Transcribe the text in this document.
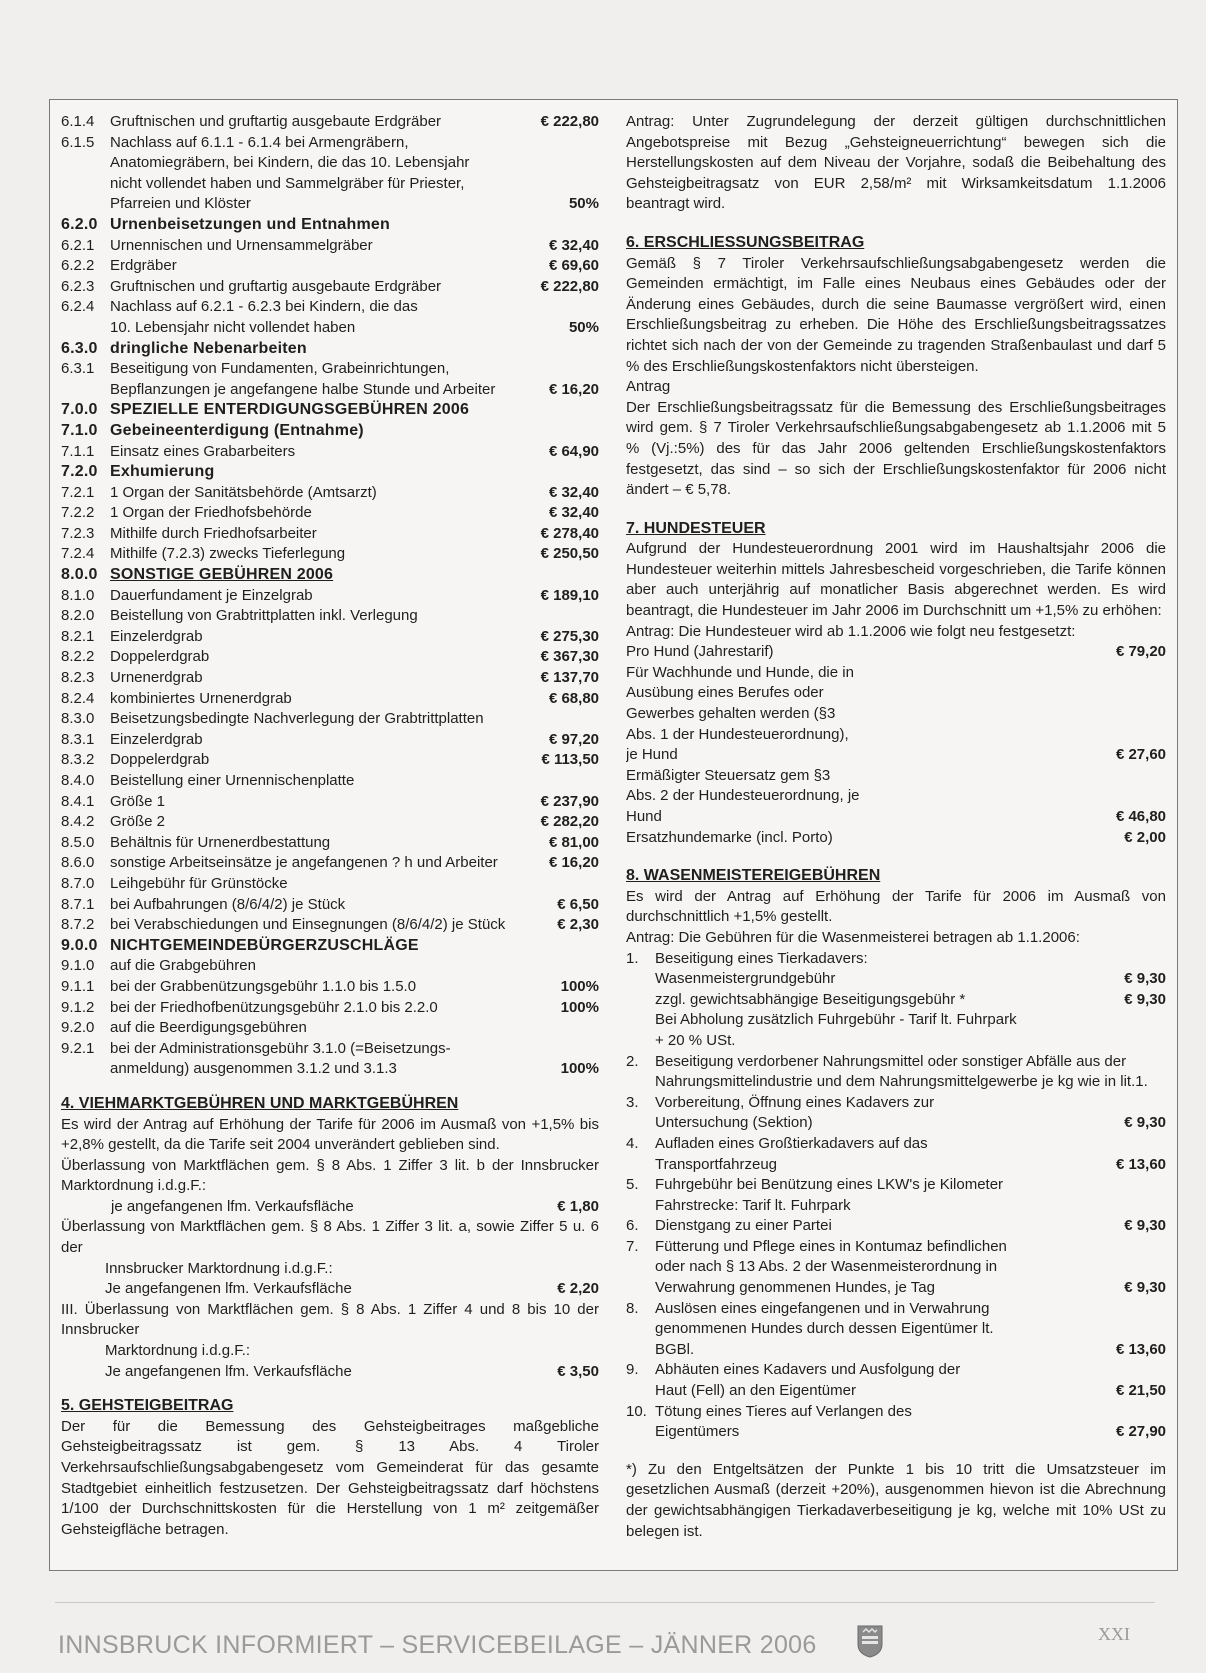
6.1.4	Gruftnischen und gruftartig ausgebaute Erdgräber	€ 222,80
6.1.5	Nachlass auf 6.1.1 - 6.1.4 bei Armengräbern, Anatomiegräbern, bei Kindern, die das 10. Lebensjahr nicht vollendet haben und Sammelgräber für Priester, Pfarreien und Klöster	50%
6.2.0 Urnenbeisetzungen und Entnahmen
6.2.1	Urnennischen und Urnensammelgräber	€ 32,40
6.2.2	Erdgräber	€ 69,60
6.2.3	Gruftnischen und gruftartig ausgebaute Erdgräber	€ 222,80
6.2.4	Nachlass auf 6.2.1 - 6.2.3 bei Kindern, die das 10. Lebensjahr nicht vollendet haben	50%
6.3.0 dringliche Nebenarbeiten
6.3.1	Beseitigung von Fundamenten, Grabeinrichtungen, Bepflanzungen je angefangene halbe Stunde und Arbeiter	€ 16,20
7.0.0 SPEZIELLE ENTERDIGUNGSGEBÜHREN 2006
7.1.0 Gebeineenterdigung (Entnahme)
7.1.1	Einsatz eines Grabarbeiters	€ 64,90
7.2.0 Exhumierung
7.2.1	1 Organ der Sanitätsbehörde (Amtsarzt)	€ 32,40
7.2.2	1 Organ der Friedhofsbehörde	€ 32,40
7.2.3	Mithilfe durch Friedhofsarbeiter	€ 278,40
7.2.4	Mithilfe (7.2.3) zwecks Tieferlegung	€ 250,50
8.0.0 SONSTIGE GEBÜHREN 2006
8.1.0	Dauerfundament je Einzelgrab	€ 189,10
8.2.0	Beistellung von Grabtrittplatten inkl. Verlegung
8.2.1	Einzelerdgrab	€ 275,30
8.2.2	Doppelerdgrab	€ 367,30
8.2.3	Urnenerdgrab	€ 137,70
8.2.4	kombiniertes Urnenerdgrab	€ 68,80
8.3.0	Beisetzungsbedingte Nachverlegung der Grabtrittplatten
8.3.1	Einzelerdgrab	€ 97,20
8.3.2	Doppelerdgrab	€ 113,50
8.4.0	Beistellung einer Urnennischenplatte
8.4.1	Größe 1	€ 237,90
8.4.2	Größe 2	€ 282,20
8.5.0	Behältnis für Urnenerdbestattung	€ 81,00
8.6.0	sonstige Arbeitseinsätze je angefangenen ? h und Arbeiter	€ 16,20
8.7.0	Leihgebühr für Grünstöcke
8.7.1	bei Aufbahrungen (8/6/4/2) je Stück	€ 6,50
8.7.2	bei Verabschiedungen und Einsegnungen (8/6/4/2) je Stück	€ 2,30
9.0.0 NICHTGEMEINDEBÜRGERZUSCHLÄGE
9.1.0	auf die Grabgebühren
9.1.1	bei der Grabbenützungsgebühr 1.1.0 bis 1.5.0	100%
9.1.2	bei der Friedhofbenützungsgebühr 2.1.0 bis 2.2.0	100%
9.2.0	auf die Beerdigungsgebühren
9.2.1	bei der Administrationsgebühr 3.1.0 (=Beisetzungs-anmeldung) ausgenommen 3.1.2 und 3.1.3	100%
4. VIEHMARKTGEBÜHREN UND MARKTGEBÜHREN
Es wird der Antrag auf Erhöhung der Tarife für 2006 im Ausmaß von +1,5% bis +2,8% gestellt, da die Tarife seit 2004 unverändert geblieben sind.
Überlassung von Marktflächen gem. § 8 Abs. 1 Ziffer 3 lit. b der Innsbrucker Marktordnung i.d.g.F.:
je angefangenen lfm. Verkaufsfläche	€ 1,80
Überlassung von Marktflächen gem. § 8 Abs. 1 Ziffer 3 lit. a, sowie Ziffer 5 u. 6 der
Innsbrucker Marktordnung i.d.g.F.:
Je angefangenen lfm. Verkaufsfläche	€ 2,20
III. Überlassung von Marktflächen gem. § 8 Abs. 1 Ziffer 4 und 8 bis 10 der Innsbrucker
Marktordnung i.d.g.F.:
Je angefangenen lfm. Verkaufsfläche	€ 3,50
5. GEHSTEIGBEITRAG
Der für die Bemessung des Gehsteigbeitrages maßgebliche Gehsteigbeitragssatz ist gem. § 13 Abs. 4 Tiroler Verkehrsaufschließungsabgabengesetz vom Gemeinderat für das gesamte Stadtgebiet einheitlich festzusetzen. Der Gehsteigbeitragssatz darf höchstens 1/100 der Durchschnittskosten für die Herstellung von 1 m² zeitgemäßer Gehsteigfläche betragen.
Antrag: Unter Zugrundelegung der derzeit gültigen durchschnittlichen Angebotspreise mit Bezug „Gehsteigneuerrichtung“ bewegen sich die Herstellungskosten auf dem Niveau der Vorjahre, sodaß die Beibehaltung des Gehsteigbeitragsatz von EUR 2,58/m² mit Wirksamkeitsdatum 1.1.2006 beantragt wird.
6. ERSCHLIESSUNGSBEITRAG
Gemäß § 7 Tiroler Verkehrsaufschließungsabgabengesetz werden die Gemeinden ermächtigt, im Falle eines Neubaus eines Gebäudes oder der Änderung eines Gebäudes, durch die seine Baumasse vergrößert wird, einen Erschließungsbeitrag zu erheben. Die Höhe des Erschließungsbeitragssatzes richtet sich nach der von der Gemeinde zu tragenden Straßenbaulast und darf 5 % des Erschließungskostenfaktors nicht übersteigen.
Antrag
Der Erschließungsbeitragssatz für die Bemessung des Erschließungsbeitrages wird gem. § 7 Tiroler Verkehrsaufschließungsabgabengesetz ab 1.1.2006 mit 5 % (Vj.:5%) des für das Jahr 2006 geltenden Erschließungskostenfaktors festgesetzt, das sind – so sich der Erschließungskostenfaktor für 2006 nicht ändert – € 5,78.
7. HUNDESTEUER
Aufgrund der Hundesteuerordnung 2001 wird im Haushaltsjahr 2006 die Hundesteuer weiterhin mittels Jahresbescheid vorgeschrieben, die Tarife können aber auch unterjährig auf monatlicher Basis abgerechnet werden. Es wird beantragt, die Hundesteuer im Jahr 2006 im Durchschnitt um +1,5% zu erhöhen:
Antrag: Die Hundesteuer wird ab 1.1.2006 wie folgt neu festgesetzt:
Pro Hund (Jahrestarif)	€ 79,20
Für Wachhunde und Hunde, die in Ausübung eines Berufes oder Gewerbes gehalten werden (§3 Abs. 1 der Hundesteuerordnung), je Hund	€ 27,60
Ermäßigter Steuersatz gem §3 Abs. 2 der Hundesteuerordnung, je Hund	€ 46,80
Ersatzhundemarke (incl. Porto)	€ 2,00
8. WASENMEISTEREIGEBÜHREN
Es wird der Antrag auf Erhöhung der Tarife für 2006 im Ausmaß von durchschnittlich +1,5% gestellt.
Antrag: Die Gebühren für die Wasenmeisterei betragen ab 1.1.2006:
1.	Beseitigung eines Tierkadavers:
Wasenmeistergrundgebühr	€ 9,30
zzgl. gewichtsabhängige Beseitigungsgebühr *	€ 9,30
Bei Abholung zusätzlich Fuhrgebühr - Tarif lt. Fuhrpark
+ 20 % USt.
2.	Beseitigung verdorbener Nahrungsmittel oder sonstiger Abfälle aus der Nahrungsmittelindustrie und dem Nahrungsmittelgewerbe je kg wie in lit.1.
3.	Vorbereitung, Öffnung eines Kadavers zur Untersuchung (Sektion)	€ 9,30
4.	Aufladen eines Großtierkadavers auf das Transportfahrzeug	€ 13,60
5.	Fuhrgebühr bei Benützung eines LKW's je Kilometer Fahrstrecke: Tarif lt. Fuhrpark
6.	Dienstgang zu einer Partei	€ 9,30
7.	Fütterung und Pflege eines in Kontumaz befindlichen oder nach § 13 Abs. 2 der Wasenmeisterordnung in Verwahrung genommenen Hundes, je Tag	€ 9,30
8.	Auslösen eines eingefangenen und in Verwahrung genommenen Hundes durch dessen Eigentümer lt. BGBl.	€ 13,60
9.	Abhäuten eines Kadavers und Ausfolgung der Haut (Fell) an den Eigentümer	€ 21,50
10. Tötung eines Tieres auf Verlangen des Eigentümers	€ 27,90
*) Zu den Entgeltsätzen der Punkte 1 bis 10 tritt die Umsatzsteuer im gesetzlichen Ausmaß (derzeit +20%), ausgenommen hievon ist die Abrechnung der gewichtsabhängigen Tierkadaverbeseitigung je kg, welche mit 10% USt zu belegen ist.
INNSBRUCK INFORMIERT – SERVICEBEILAGE – JÄNNER 2006	XXI
